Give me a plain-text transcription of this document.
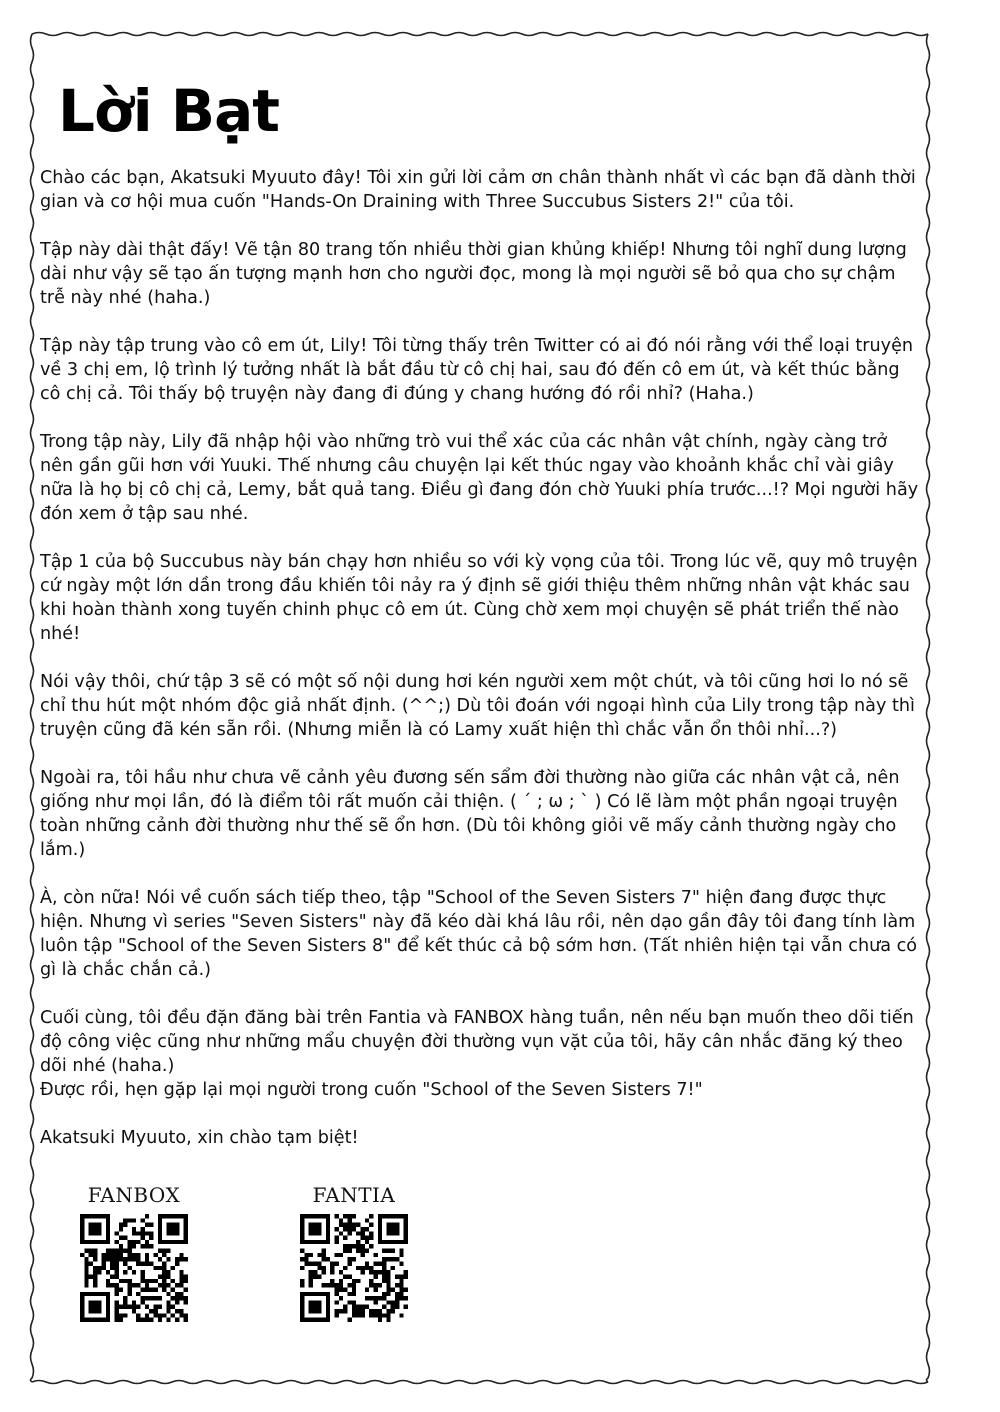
Lời Bạt

Chào các bạn, Akatsuki Myuuto đây! Tôi xin gửi lời cảm ơn chân thành nhất vì các bạn đã dành thời gian và cơ hội mua cuốn "Hands-On Draining with Three Succubus Sisters 2!" của tôi.

Tập này dài thật đấy! Vẽ tận 80 trang tốn nhiều thời gian khủng khiếp! Nhưng tôi nghĩ dung lượng dài như vậy sẽ tạo ấn tượng mạnh hơn cho người đọc, mong là mọi người sẽ bỏ qua cho sự chậm trễ này nhé (haha.)

Tập này tập trung vào cô em út, Lily! Tôi từng thấy trên Twitter có ai đó nói rằng với thể loại truyện về 3 chị em, lộ trình lý tưởng nhất là bắt đầu từ cô chị hai, sau đó đến cô em út, và kết thúc bằng cô chị cả. Tôi thấy bộ truyện này đang đi đúng y chang hướng đó rồi nhỉ? (Haha.)

Trong tập này, Lily đã nhập hội vào những trò vui thể xác của các nhân vật chính, ngày càng trở nên gần gũi hơn với Yuuki. Thế nhưng câu chuyện lại kết thúc ngay vào khoảnh khắc chỉ vài giây nữa là họ bị cô chị cả, Lemy, bắt quả tang. Điều gì đang đón chờ Yuuki phía trước...!? Mọi người hãy đón xem ở tập sau nhé.

Tập 1 của bộ Succubus này bán chạy hơn nhiều so với kỳ vọng của tôi. Trong lúc vẽ, quy mô truyện cứ ngày một lớn dần trong đầu khiến tôi nảy ra ý định sẽ giới thiệu thêm những nhân vật khác sau khi hoàn thành xong tuyến chinh phục cô em út. Cùng chờ xem mọi chuyện sẽ phát triển thế nào nhé!

Nói vậy thôi, chứ tập 3 sẽ có một số nội dung hơi kén người xem một chút, và tôi cũng hơi lo nó sẽ chỉ thu hút một nhóm độc giả nhất định. (^^;) Dù tôi đoán với ngoại hình của Lily trong tập này thì truyện cũng đã kén sẵn rồi. (Nhưng miễn là có Lamy xuất hiện thì chắc vẫn ổn thôi nhỉ...?)

Ngoài ra, tôi hầu như chưa vẽ cảnh yêu đương sến sẩm đời thường nào giữa các nhân vật cả, nên giống như mọi lần, đó là điểm tôi rất muốn cải thiện. ( ´ ; ω ; ` ) Có lẽ làm một phần ngoại truyện toàn những cảnh đời thường như thế sẽ ổn hơn. (Dù tôi không giỏi vẽ mấy cảnh thường ngày cho lắm.)

À, còn nữa! Nói về cuốn sách tiếp theo, tập "School of the Seven Sisters 7" hiện đang được thực hiện. Nhưng vì series "Seven Sisters" này đã kéo dài khá lâu rồi, nên dạo gần đây tôi đang tính làm luôn tập "School of the Seven Sisters 8" để kết thúc cả bộ sớm hơn. (Tất nhiên hiện tại vẫn chưa có gì là chắc chắn cả.)

Cuối cùng, tôi đều đặn đăng bài trên Fantia và FANBOX hàng tuần, nên nếu bạn muốn theo dõi tiến độ công việc cũng như những mẩu chuyện đời thường vụn vặt của tôi, hãy cân nhắc đăng ký theo dõi nhé (haha.)

Được rồi, hẹn gặp lại mọi người trong cuốn "School of the Seven Sisters 7!"

Akatsuki Myuuto, xin chào tạm biệt!

FANBOX	FANTIA
